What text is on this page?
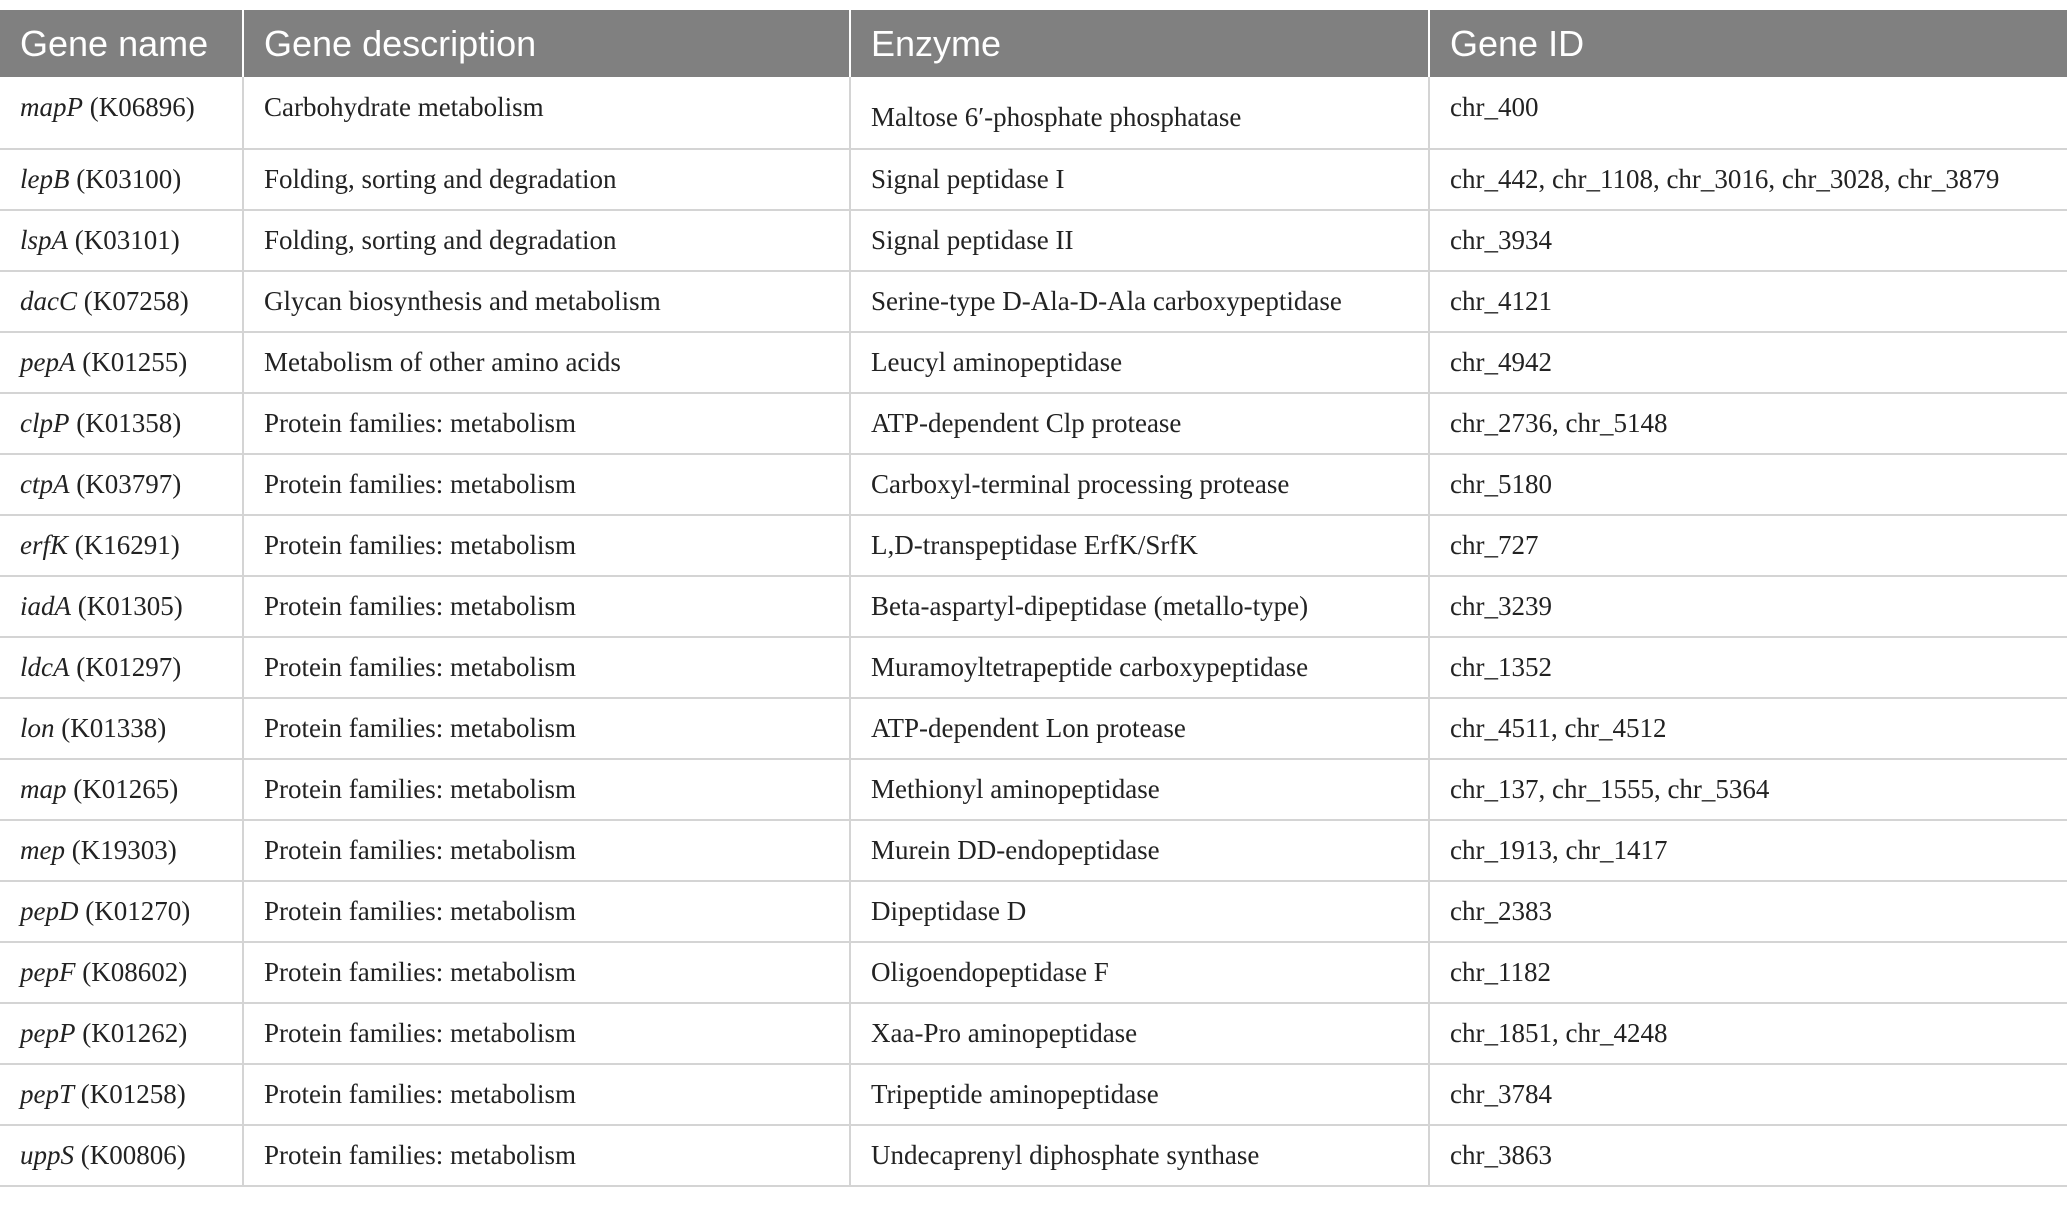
Gene name	Gene description	Enzyme	Gene ID
mapP (K06896)	Carbohydrate metabolism	Maltose 6′-phosphate phosphatase	chr_400
lepB (K03100)	Folding, sorting and degradation	Signal peptidase I	chr_442, chr_1108, chr_3016, chr_3028, chr_3879
lspA (K03101)	Folding, sorting and degradation	Signal peptidase II	chr_3934
dacC (K07258)	Glycan biosynthesis and metabolism	Serine-type D-Ala-D-Ala carboxypeptidase	chr_4121
pepA (K01255)	Metabolism of other amino acids	Leucyl aminopeptidase	chr_4942
clpP (K01358)	Protein families: metabolism	ATP-dependent Clp protease	chr_2736, chr_5148
ctpA (K03797)	Protein families: metabolism	Carboxyl-terminal processing protease	chr_5180
erfK (K16291)	Protein families: metabolism	L,D-transpeptidase ErfK/SrfK	chr_727
iadA (K01305)	Protein families: metabolism	Beta-aspartyl-dipeptidase (metallo-type)	chr_3239
ldcA (K01297)	Protein families: metabolism	Muramoyltetrapeptide carboxypeptidase	chr_1352
lon (K01338)	Protein families: metabolism	ATP-dependent Lon protease	chr_4511, chr_4512
map (K01265)	Protein families: metabolism	Methionyl aminopeptidase	chr_137, chr_1555, chr_5364
mep (K19303)	Protein families: metabolism	Murein DD-endopeptidase	chr_1913, chr_1417
pepD (K01270)	Protein families: metabolism	Dipeptidase D	chr_2383
pepF (K08602)	Protein families: metabolism	Oligoendopeptidase F	chr_1182
pepP (K01262)	Protein families: metabolism	Xaa-Pro aminopeptidase	chr_1851, chr_4248
pepT (K01258)	Protein families: metabolism	Tripeptide aminopeptidase	chr_3784
uppS (K00806)	Protein families: metabolism	Undecaprenyl diphosphate synthase	chr_3863
